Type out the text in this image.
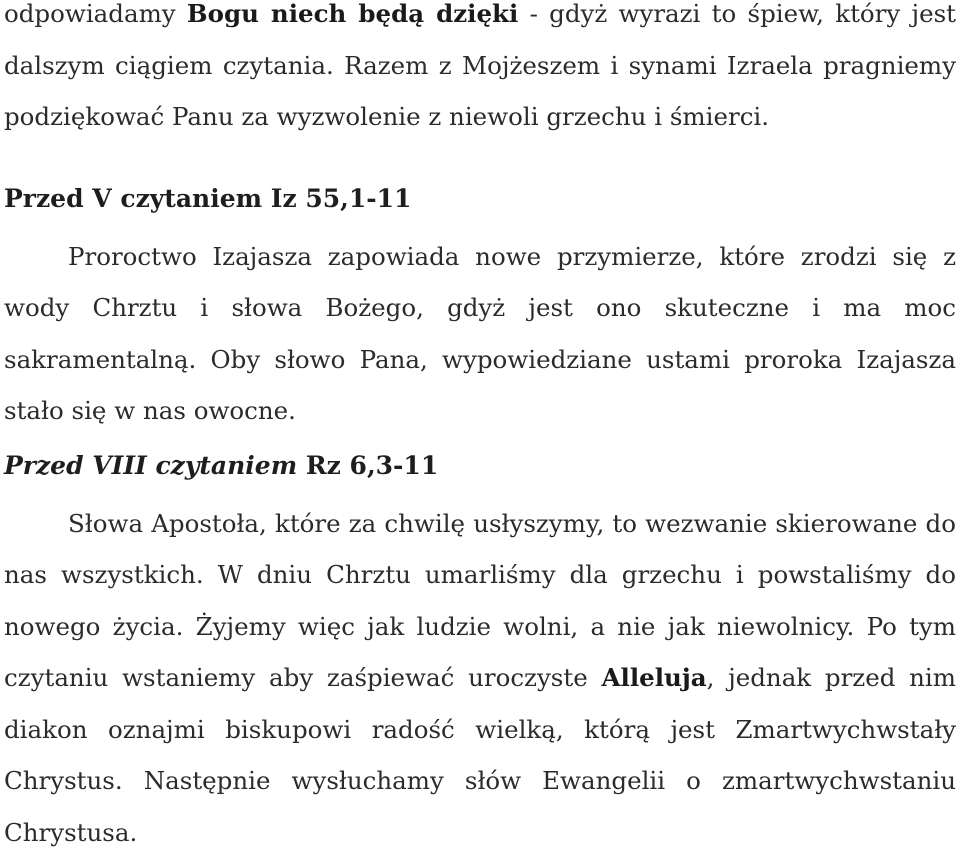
odpowiadamy Bogu niech będą dzięki - gdyż wyrazi to śpiew, który jest dalszym ciągiem czytania. Razem z Mojżeszem i synami Izraela pragniemy podziękować Panu za wyzwolenie z niewoli grzechu i śmierci.

Przed V czytaniem Iz 55,1-11

Proroctwo Izajasza zapowiada nowe przymierze, które zrodzi się z wody Chrztu i słowa Bożego, gdyż jest ono skuteczne i ma moc sakramentalną. Oby słowo Pana, wypowiedziane ustami proroka Izajasza stało się w nas owocne.

Przed VIII czytaniem Rz 6,3-11

Słowa Apostoła, które za chwilę usłyszymy, to wezwanie skierowane do nas wszystkich. W dniu Chrztu umarliśmy dla grzechu i powstaliśmy do nowego życia. Żyjemy więc jak ludzie wolni, a nie jak niewolnicy. Po tym czytaniu wstaniemy aby zaśpiewać uroczyste Alleluja, jednak przed nim diakon oznajmi biskupowi radość wielką, którą jest Zmartwychwstały Chrystus. Następnie wysłuchamy słów Ewangelii o zmartwychwstaniu Chrystusa.
